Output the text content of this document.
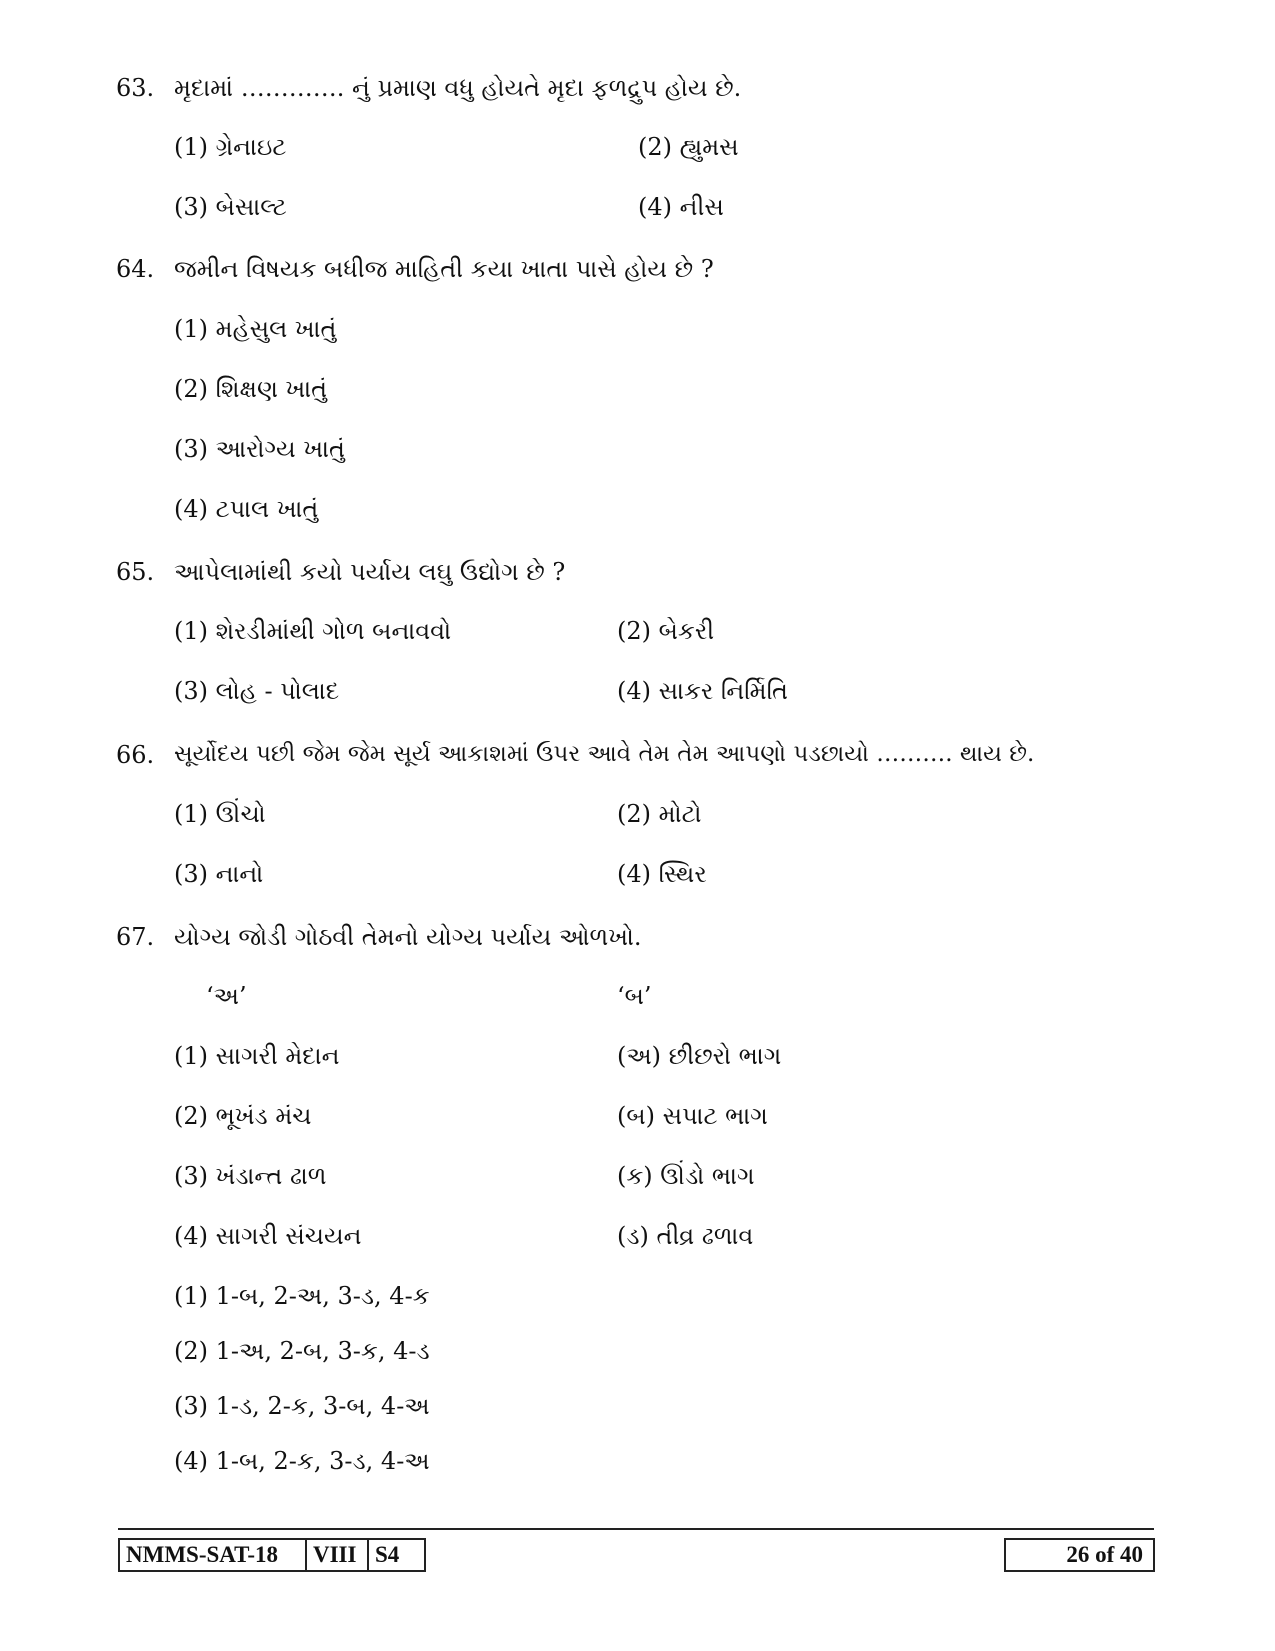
63. મૃદામાં …………. નું પ્રમાણ વધુ હોયતે મૃદા ફળદ્રુપ હોય છે.
(1) ગ્રેનાઇટ	(2) હ્યુમસ
(3) બેસાલ્ટ	(4) નીસ
64. જમીન વિષયક બધીજ માહિતી કયા ખાતા પાસે હોય છે ?
(1) મહેસુલ ખાતું
(2) શિક્ષણ ખાતું
(3) આરોગ્ય ખાતું
(4) ટપાલ ખાતું
65. આપેલામાંથી કયો પર્યાય લઘુ ઉદ્યોગ છે ?
(1) શેરડીમાંથી ગોળ બનાવવો	(2) બેકરી
(3) લોહ - પોલાદ	(4) સાકર નિર્મિતિ
66. સૂર્યોદય પછી જેમ જેમ સૂર્ય આકાશમાં ઉપર આવે તેમ તેમ આપણો પડછાયો ………. થાય છે.
(1) ઊંચો	(2) મોટો
(3) નાનો	(4) સ્થિર
67. યોગ્ય જોડી ગોઠવી તેમનો યોગ્ય પર્યાય ઓળખો.
‘અ’	‘બ’
(1) સાગરી મેદાન	(અ) છીછરો ભાગ
(2) ભૂખંડ મંચ	(બ) સપાટ ભાગ
(3) ખંડાન્ત ઢાળ	(ક) ઊંડો ભાગ
(4) સાગરી સંચયન	(ડ) તીવ્ર ઢળાવ
(1) 1-બ, 2-અ, 3-ડ, 4-ક
(2) 1-અ, 2-બ, 3-ક, 4-ડ
(3) 1-ડ, 2-ક, 3-બ, 4-અ
(4) 1-બ, 2-ક, 3-ડ, 4-અ
NMMS-SAT-18	VIII S4	26 of 40
